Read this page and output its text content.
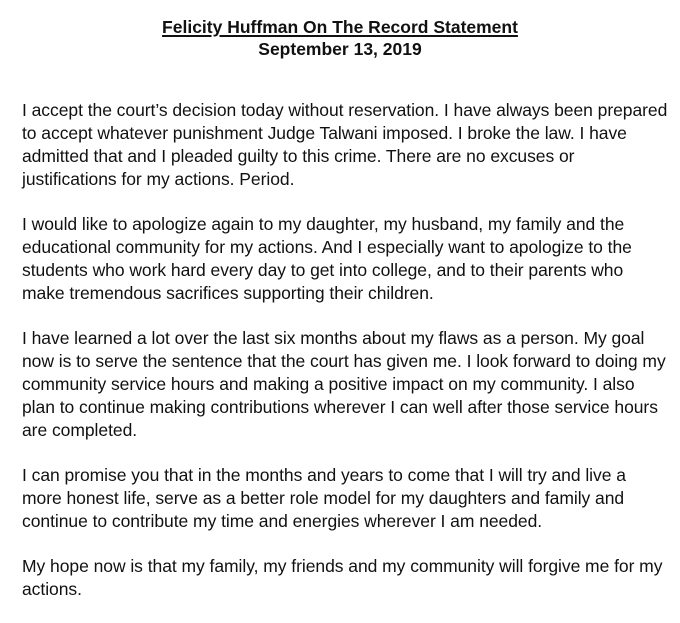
Felicity Huffman On The Record Statement
September 13, 2019

I accept the court’s decision today without reservation. I have always been prepared to accept whatever punishment Judge Talwani imposed. I broke the law. I have admitted that and I pleaded guilty to this crime. There are no excuses or justifications for my actions. Period.

I would like to apologize again to my daughter, my husband, my family and the educational community for my actions. And I especially want to apologize to the students who work hard every day to get into college, and to their parents who make tremendous sacrifices supporting their children.

I have learned a lot over the last six months about my flaws as a person. My goal now is to serve the sentence that the court has given me. I look forward to doing my community service hours and making a positive impact on my community. I also plan to continue making contributions wherever I can well after those service hours are completed.

I can promise you that in the months and years to come that I will try and live a more honest life, serve as a better role model for my daughters and family and continue to contribute my time and energies wherever I am needed.

My hope now is that my family, my friends and my community will forgive me for my actions.
